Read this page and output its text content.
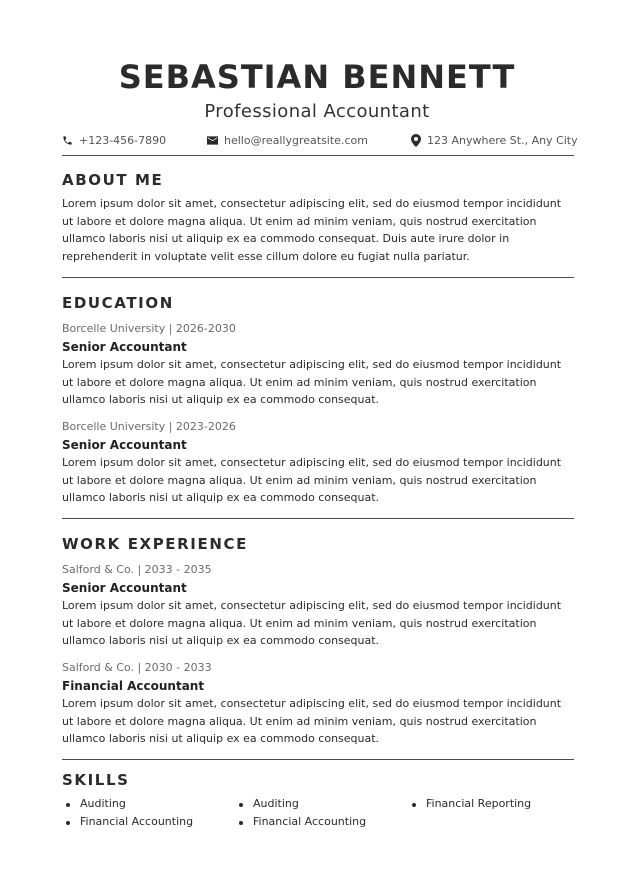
SEBASTIAN BENNETT
Professional Accountant
+123-456-7890	hello@reallygreatsite.com	123 Anywhere St., Any City
ABOUT ME
Lorem ipsum dolor sit amet, consectetur adipiscing elit, sed do eiusmod tempor incididunt
ut labore et dolore magna aliqua. Ut enim ad minim veniam, quis nostrud exercitation
ullamco laboris nisi ut aliquip ex ea commodo consequat. Duis aute irure dolor in
reprehenderit in voluptate velit esse cillum dolore eu fugiat nulla pariatur.
EDUCATION
Borcelle University | 2026-2030
Senior Accountant
Lorem ipsum dolor sit amet, consectetur adipiscing elit, sed do eiusmod tempor incididunt
ut labore et dolore magna aliqua. Ut enim ad minim veniam, quis nostrud exercitation
ullamco laboris nisi ut aliquip ex ea commodo consequat.
Borcelle University | 2023-2026
Senior Accountant
Lorem ipsum dolor sit amet, consectetur adipiscing elit, sed do eiusmod tempor incididunt
ut labore et dolore magna aliqua. Ut enim ad minim veniam, quis nostrud exercitation
ullamco laboris nisi ut aliquip ex ea commodo consequat.
WORK EXPERIENCE
Salford & Co. | 2033 - 2035
Senior Accountant
Lorem ipsum dolor sit amet, consectetur adipiscing elit, sed do eiusmod tempor incididunt
ut labore et dolore magna aliqua. Ut enim ad minim veniam, quis nostrud exercitation
ullamco laboris nisi ut aliquip ex ea commodo consequat.
Salford & Co. | 2030 - 2033
Financial Accountant
Lorem ipsum dolor sit amet, consectetur adipiscing elit, sed do eiusmod tempor incididunt
ut labore et dolore magna aliqua. Ut enim ad minim veniam, quis nostrud exercitation
ullamco laboris nisi ut aliquip ex ea commodo consequat.
SKILLS
Auditing
Financial Accounting
Auditing
Financial Accounting
Financial Reporting
